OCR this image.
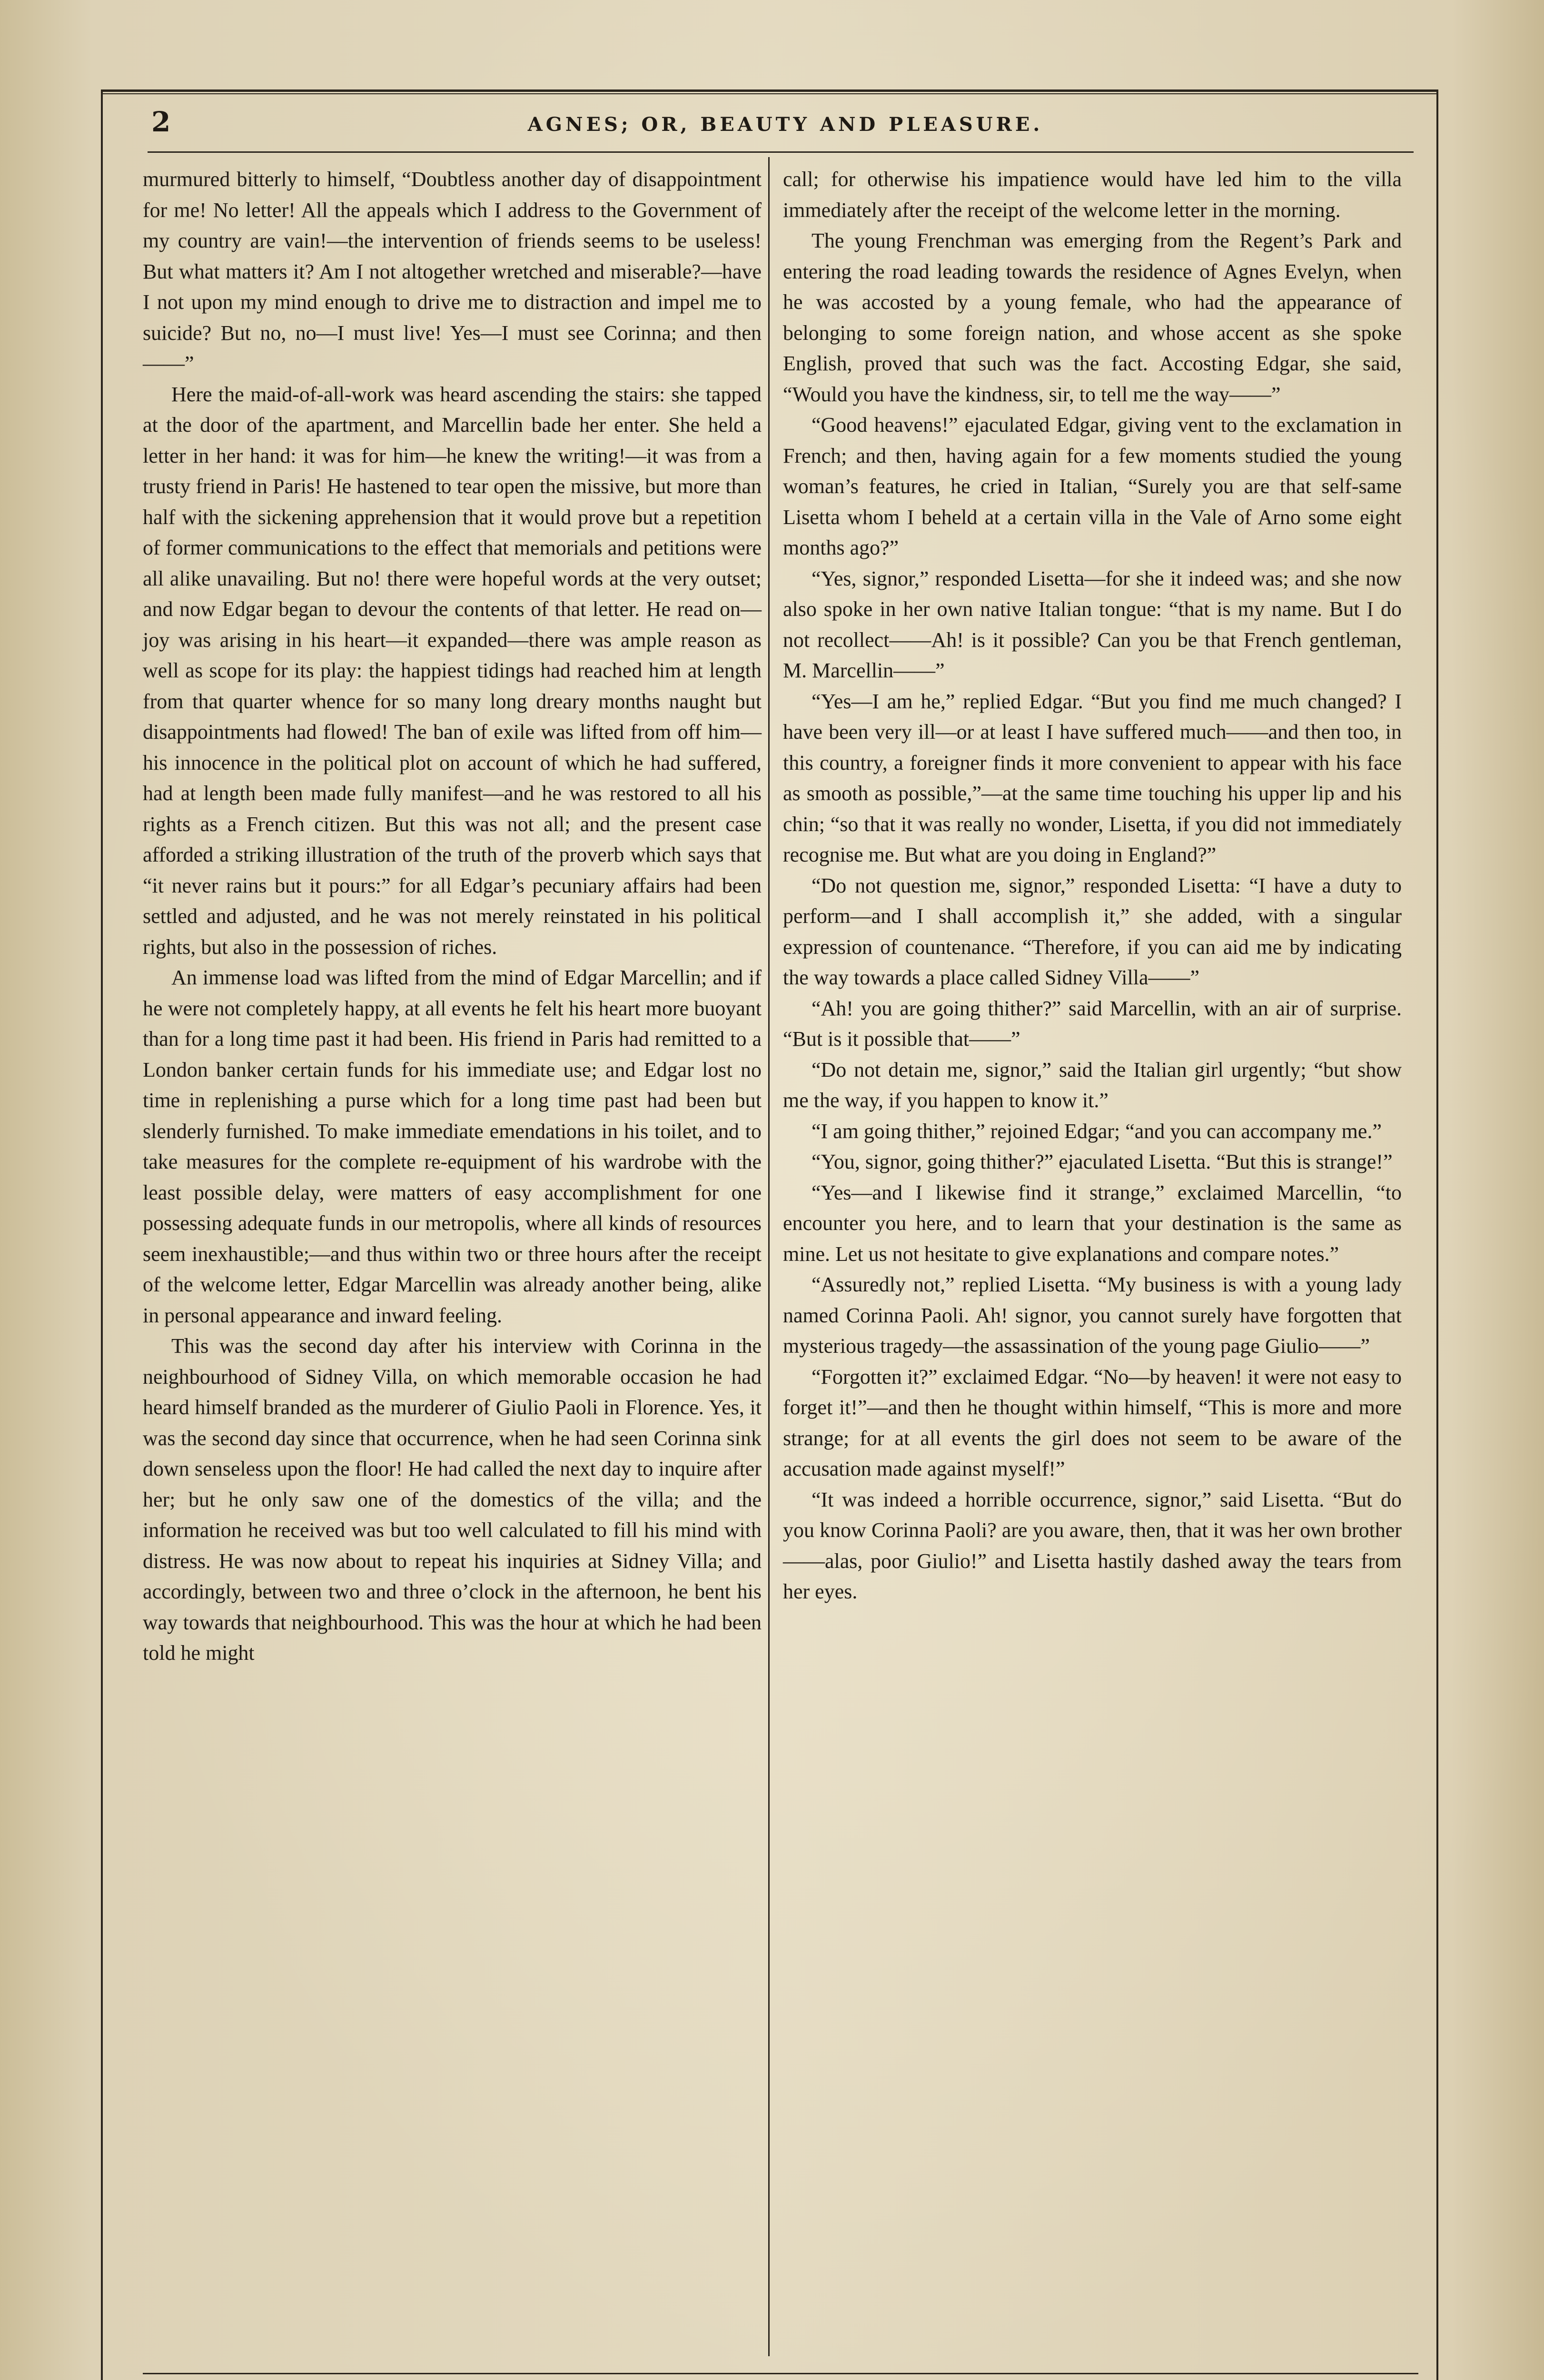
2	AGNES; OR, BEAUTY AND PLEASURE.

murmured bitterly to himself, “Doubtless another day of disappointment for me! No letter! All the appeals which I address to the Government of my country are vain!—the intervention of friends seems to be useless! But what matters it? Am I not altogether wretched and miserable?—have I not upon my mind enough to drive me to distraction and impel me to suicide? But no, no—I must live! Yes—I must see Corinna; and then——”

Here the maid-of-all-work was heard ascending the stairs: she tapped at the door of the apartment, and Marcellin bade her enter. She held a letter in her hand: it was for him—he knew the writing!—it was from a trusty friend in Paris! He hastened to tear open the missive, but more than half with the sickening apprehension that it would prove but a repetition of former communications to the effect that memorials and petitions were all alike unavailing. But no! there were hopeful words at the very outset; and now Edgar began to devour the contents of that letter. He read on—joy was arising in his heart—it expanded—there was ample reason as well as scope for its play: the happiest tidings had reached him at length from that quarter whence for so many long dreary months naught but disappointments had flowed! The ban of exile was lifted from off him—his innocence in the political plot on account of which he had suffered, had at length been made fully manifest—and he was restored to all his rights as a French citizen. But this was not all; and the present case afforded a striking illustration of the truth of the proverb which says that “it never rains but it pours:” for all Edgar’s pecuniary affairs had been settled and adjusted, and he was not merely reinstated in his political rights, but also in the possession of riches.

An immense load was lifted from the mind of Edgar Marcellin; and if he were not completely happy, at all events he felt his heart more buoyant than for a long time past it had been. His friend in Paris had remitted to a London banker certain funds for his immediate use; and Edgar lost no time in replenishing a purse which for a long time past had been but slenderly furnished. To make immediate emendations in his toilet, and to take measures for the complete re-equipment of his wardrobe with the least possible delay, were matters of easy accomplishment for one possessing adequate funds in our metropolis, where all kinds of resources seem inexhaustible;—and thus within two or three hours after the receipt of the welcome letter, Edgar Marcellin was already another being, alike in personal appearance and inward feeling.

This was the second day after his interview with Corinna in the neighbourhood of Sidney Villa, on which memorable occasion he had heard himself branded as the murderer of Giulio Paoli in Florence. Yes, it was the second day since that occurrence, when he had seen Corinna sink down senseless upon the floor! He had called the next day to inquire after her; but he only saw one of the domestics of the villa; and the information he received was but too well calculated to fill his mind with distress. He was now about to repeat his inquiries at Sidney Villa; and accordingly, between two and three o’clock in the afternoon, he bent his way towards that neighbourhood. This was the hour at which he had been told he might

call; for otherwise his impatience would have led him to the villa immediately after the receipt of the welcome letter in the morning.

The young Frenchman was emerging from the Regent’s Park and entering the road leading towards the residence of Agnes Evelyn, when he was accosted by a young female, who had the appearance of belonging to some foreign nation, and whose accent as she spoke English, proved that such was the fact. Accosting Edgar, she said, “Would you have the kindness, sir, to tell me the way——”

“Good heavens!” ejaculated Edgar, giving vent to the exclamation in French; and then, having again for a few moments studied the young woman’s features, he cried in Italian, “Surely you are that self-same Lisetta whom I beheld at a certain villa in the Vale of Arno some eight months ago?”

“Yes, signor,” responded Lisetta—for she it indeed was; and she now also spoke in her own native Italian tongue: “that is my name. But I do not recollect——Ah! is it possible? Can you be that French gentleman, M. Marcellin——”

“Yes—I am he,” replied Edgar. “But you find me much changed? I have been very ill—or at least I have suffered much——and then too, in this country, a foreigner finds it more convenient to appear with his face as smooth as possible,”—at the same time touching his upper lip and his chin; “so that it was really no wonder, Lisetta, if you did not immediately recognise me. But what are you doing in England?”

“Do not question me, signor,” responded Lisetta: “I have a duty to perform—and I shall accomplish it,” she added, with a singular expression of countenance. “Therefore, if you can aid me by indicating the way towards a place called Sidney Villa——”

“Ah! you are going thither?” said Marcellin, with an air of surprise. “But is it possible that——”

“Do not detain me, signor,” said the Italian girl urgently; “but show me the way, if you happen to know it.”

“I am going thither,” rejoined Edgar; “and you can accompany me.”

“You, signor, going thither?” ejaculated Lisetta. “But this is strange!”

“Yes—and I likewise find it strange,” exclaimed Marcellin, “to encounter you here, and to learn that your destination is the same as mine. Let us not hesitate to give explanations and compare notes.”

“Assuredly not,” replied Lisetta. “My business is with a young lady named Corinna Paoli. Ah! signor, you cannot surely have forgotten that mysterious tragedy—the assassination of the young page Giulio——”

“Forgotten it?” exclaimed Edgar. “No—by heaven! it were not easy to forget it!”—and then he thought within himself, “This is more and more strange; for at all events the girl does not seem to be aware of the accusation made against myself!”

“It was indeed a horrible occurrence, signor,” said Lisetta. “But do you know Corinna Paoli? are you aware, then, that it was her own brother——alas, poor Giulio!” and Lisetta hastily dashed away the tears from her eyes.
